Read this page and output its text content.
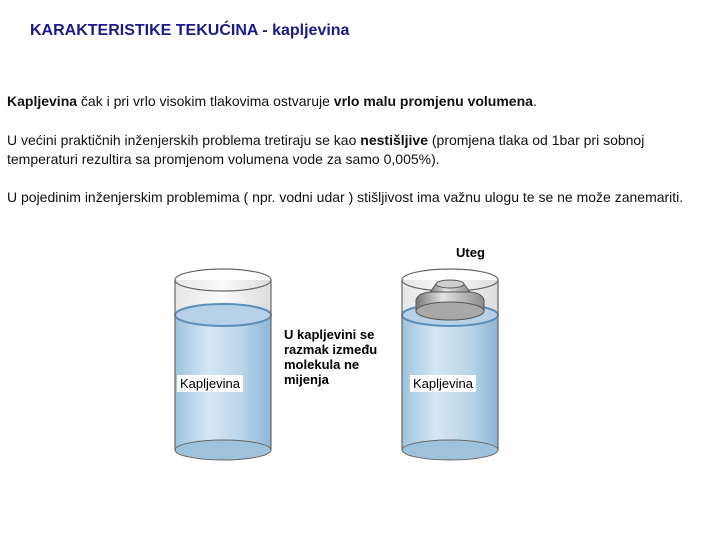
KARAKTERISTIKE TEKUĆINA - kapljevina
Kapljevina čak i pri vrlo visokim tlakovima ostvaruje vrlo malu promjenu volumena.
U većini praktičnih inženjerskih problema tretiraju se kao nestišljive (promjena tlaka od 1bar pri sobnoj temperaturi rezultira sa promjenom volumena vode za samo 0,005%).
U pojedinim inženjerskim problemima ( npr. vodni udar ) stišljivost ima važnu ulogu te se ne može zanemariti.
Uteg
Kapljevina
U kapljevini se razmak između molekula ne mijenja	Kapljevina
